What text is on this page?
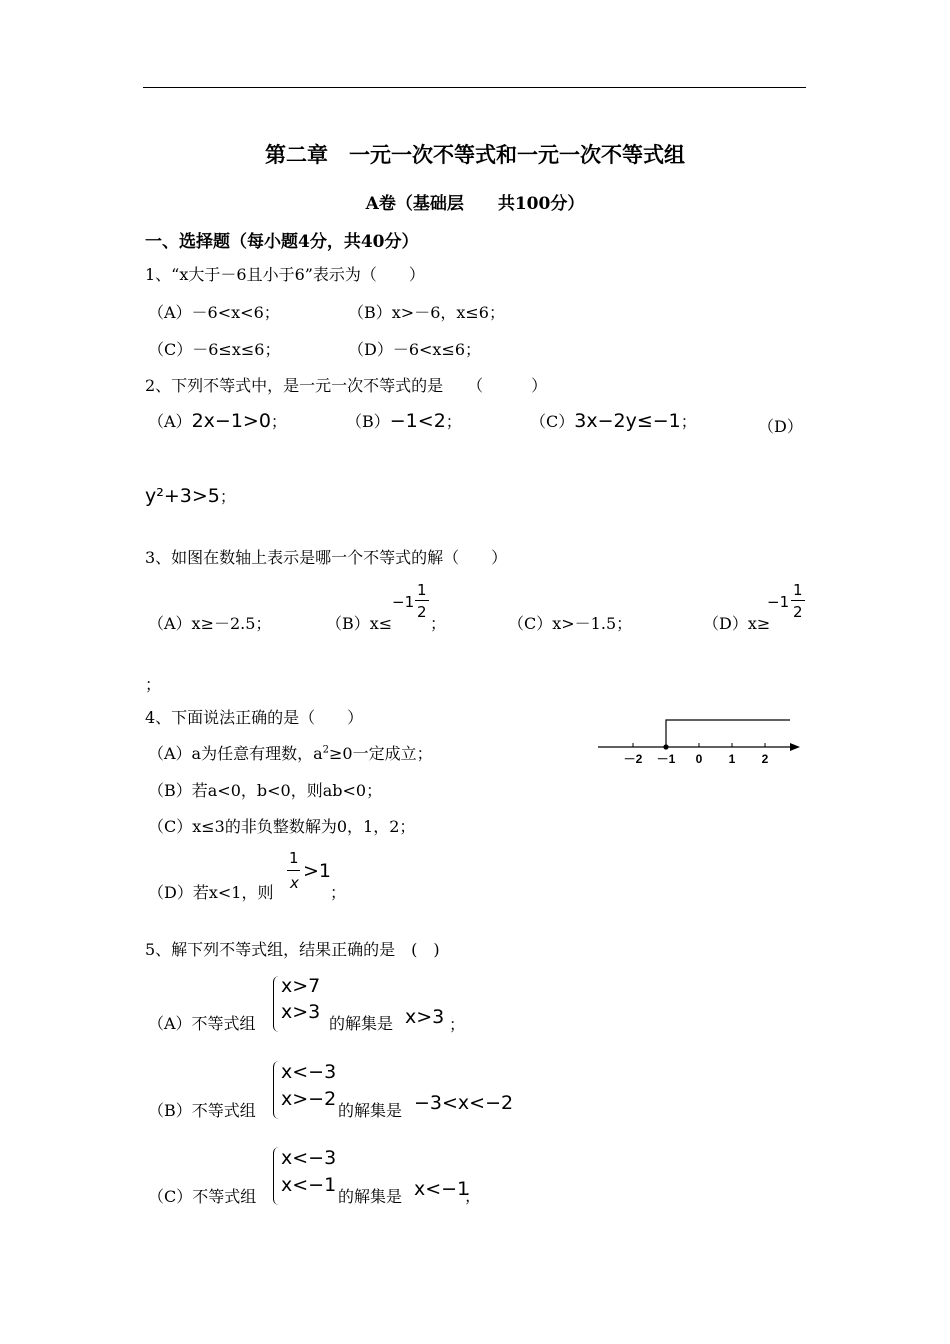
第二章　一元一次不等式和一元一次不等式组
A卷（基础层　　共100分）
一、选择题（每小题4分，共40分）
1、“x大于－6且小于6”表示为（　　）
（A）－6<x<6；	（B）x>－6，x≤6；
（C）－6≤x≤6；	（D）－6<x≤6；
2、下列不等式中，是一元一次不等式的是　　（　　　）
（A）2x−1>0；	（B）−1<2；	（C）3x−2y≤−1；	（D）
y²+3>5；
3、如图在数轴上表示是哪一个不等式的解（　　）
（A）x≥－2.5；	（B）x≤
−1
1
2
；	（C）x>－1.5；	（D）x≥
−1
1
2
；
4、下面说法正确的是（　　）
（A）a为任意有理数，$a^2\ge 0$一定成立；
（B）若a<0，b<0，则ab<0；
（C）x≤3的非负整数解为0，1，2；
（D）若x<1，则
1
x
>1
；
－2 －1 0 1 2
5、解下列不等式组，结果正确的是　(　)
（A）不等式组
x>7
x>3
的解集是 x>3 ；
（B）不等式组
x<−3
x>−2
的解集是 −3<x<−2
（C）不等式组
x<−3
x<−1
的解集是 x<−1
；
